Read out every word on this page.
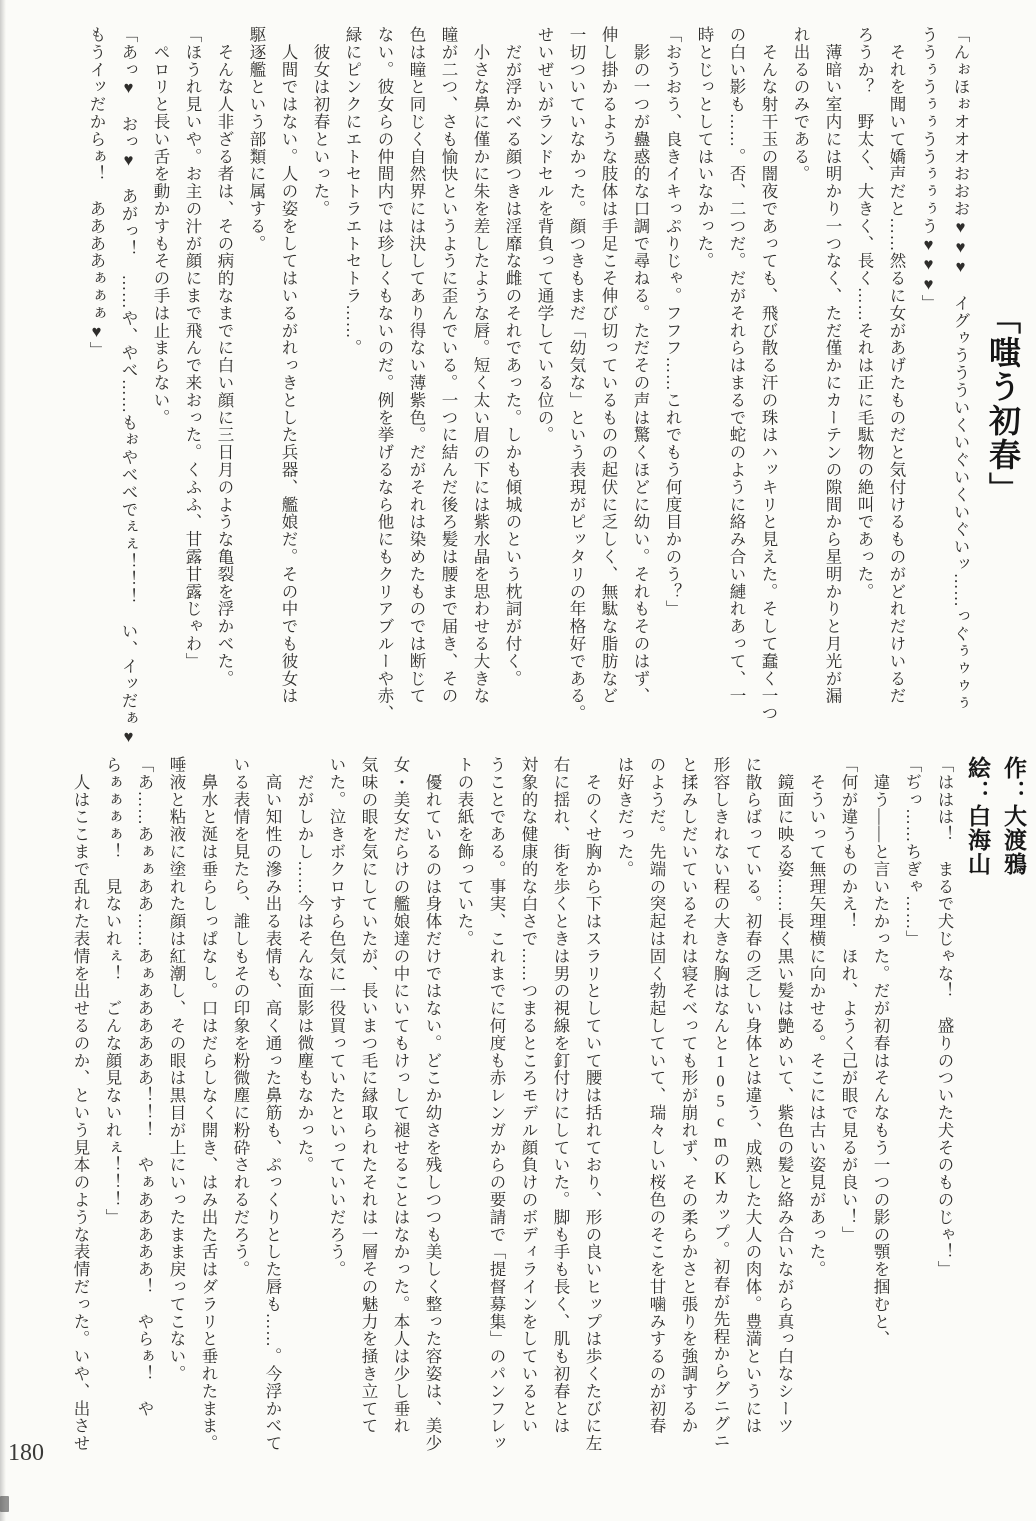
「嗤う初春」
「んぉほぉオオオおおお♥♥♥　イグゥううういくいぐいくいぐいッ……っぐぅゥゥぅ
ううぅうぅぅううぅぅぅう♥♥♥」
　それを聞いて嬌声だと……然るに女があげたものだと気付けるものがどれだけいるだ
ろうか？　野太く、大きく、長く……それは正に毛駄物の絶叫であった。
　薄暗い室内には明かり一つなく、ただ僅かにカーテンの隙間から星明かりと月光が漏
れ出るのみである。
　そんな射干玉の闇夜であっても、飛び散る汗の珠はハッキリと見えた。そして蠢く一つ
の白い影も……。否、二つだ。だがそれらはまるで蛇のように絡み合い縺れあって、一
時とじっとしてはいなかった。
「おうおう、良きイキっぷりじゃ。フフフ……これでもう何度目かのう？」
　影の一つが蠱惑的な口調で尋ねる。ただその声は驚くほどに幼い。それもそのはず、
伸し掛かるような肢体は手足こそ伸び切っているものの起伏に乏しく、無駄な脂肪など
一切ついていなかった。顔つきもまだ「幼気な」という表現がピッタリの年格好である。
せいぜいがランドセルを背負って通学している位の。
　だが浮かべる顔つきは淫靡な雌のそれであった。しかも傾城のという枕詞が付く。
　小さな鼻に僅かに朱を差したような唇。短く太い眉の下には紫水晶を思わせる大きな
瞳が二つ、さも愉快というように歪んでいる。一つに結んだ後ろ髪は腰まで届き、その
色は瞳と同じく自然界には決してあり得ない薄紫色。だがそれは染めたものでは断じて
ない。彼女らの仲間内では珍しくもないのだ。例を挙げるなら他にもクリアブルーや赤、
緑にピンクにエトセトラエトセトラ……。
　彼女は初春といった。
　人間ではない。人の姿をしてはいるがれっきとした兵器、艦娘だ。その中でも彼女は
駆逐艦という部類に属する。
　そんな人非ざる者は、その病的なまでに白い顔に三日月のような亀裂を浮かべた。
「ほうれ見いや。お主の汁が顔にまで飛んで来おった。くふふ、甘露甘露じゃわ」
　ペロリと長い舌を動かすもその手は止まらない。
「あっ♥　おっ♥　あがっ！　……や、やべ……もぉやべべでぇぇ！！！　い、イッだぁ♥
もうイッだからぁ！　ああああぁぁぁ♥」
作：大渡鴉
絵：白海山
「ははは！　まるで犬じゃな！　盛りのついた犬そのものじゃ！」
「ぢっ……ちぎゃ……」
　違う――と言いたかった。だが初春はそんなもう一つの影の顎を掴むと、
「何が違うものかえ！　ほれ、ようく己が眼で見るが良い！」
　そういって無理矢理横に向かせる。そこには古い姿見があった。
　鏡面に映る姿……長く黒い髪は艶めいて、紫色の髪と絡み合いながら真っ白なシーツ
に散らばっている。初春の乏しい身体とは違う、成熟した大人の肉体。豊満というには
形容しきれない程の大きな胸はなんと105cmのKカップ。初春が先程からグニグニ
と揉みしだいているそれは寝そべっても形が崩れず、その柔らかさと張りを強調するか
のようだ。先端の突起は固く勃起していて、瑞々しい桜色のそこを甘噛みするのが初春
は好きだった。
　そのくせ胸から下はスラリとしていて腰は括れており、形の良いヒップは歩くたびに左
右に揺れ、街を歩くときは男の視線を釘付けにしていた。脚も手も長く、肌も初春とは
対象的な健康的な白さで……つまるところモデル顔負けのボディラインをしているとい
うことである。事実、これまでに何度も赤レンガからの要請で「提督募集」のパンフレッ
トの表紙を飾っていた。
　優れているのは身体だけではない。どこか幼さを残しつつも美しく整った容姿は、美少
女・美女だらけの艦娘達の中にいてもけっして褪せることはなかった。本人は少し垂れ
気味の眼を気にしていたが、長いまつ毛に縁取られたそれは一層その魅力を掻き立てて
いた。泣きボクロすら色気に一役買っていたといっていいだろう。
　だがしかし……今はそんな面影は微塵もなかった。
　高い知性の滲み出る表情も、高く通った鼻筋も、ぷっくりとした唇も……。今浮かべて
いる表情を見たら、誰しもその印象を粉微塵に粉砕されるだろう。
　鼻水と涎は垂らしっぱなし。口はだらしなく開き、はみ出た舌はダラリと垂れたまま。
唾液と粘液に塗れた顔は紅潮し、その眼は黒目が上にいったまま戻ってこない。
「あ……あぁぁああ……あぁああああああ！！！　やぁあああああ！　やらぁ！　や
らぁぁぁぁ！　見ないれぇ！　ごんな顔見ないれぇ！！！」
　人はここまで乱れた表情を出せるのか、という見本のような表情だった。いや、出させ
180
